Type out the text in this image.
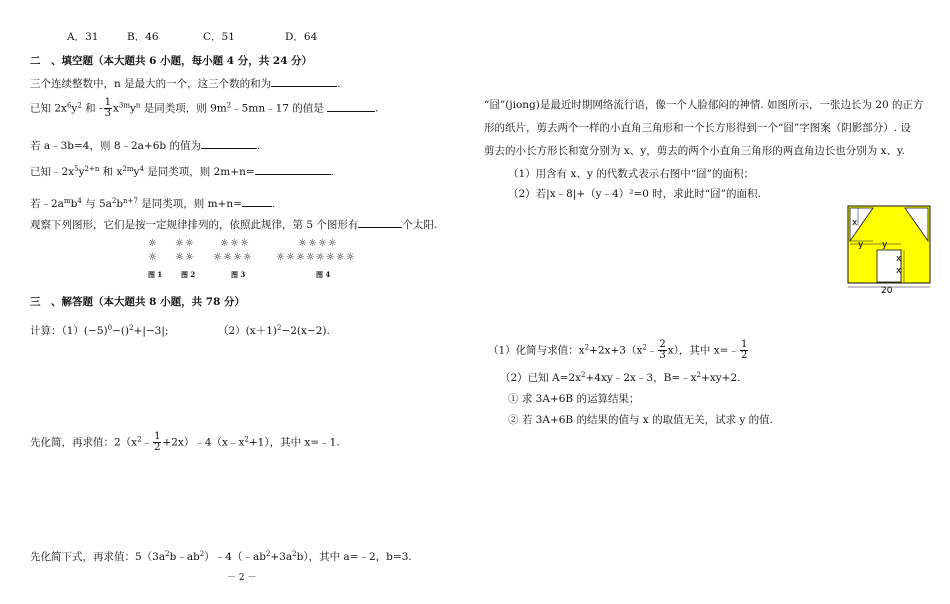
A．31	B．46	C．51	D．64
二　、填空题（本大题共 6 小题，每小题 4 分，共 24 分）
三个连续整数中，n 是最大的一个，这三个数的和为	.
已知 $2x^6y^2$ 和 - $\frac{1}{3} x^{3m}y^n$ 是同类项，则 $9m^2﹣5mn﹣17$ 的值是	.
若 a﹣3b=4，则 8﹣2a+6b 的值为	.
已知$﹣2x^5y^{2+n}$ 和 $x^{2m}y^4$ 是同类项，则 2m+n=	.
若$﹣2a^mb^4$ 与 $5a^2b^{n+7}$ 是同类项，则 m+n=	.
观察下列图形，它们是按一定规律排列的，依照此规律，第 5 个图形有	个太阳.
☼
☼
☼☼
☼☼
☼☼☼
☼☼☼☼
☼☼☼☼
☼☼☼☼☼☼☼☼
图 1	图 2	图 3	图 4
三　、解答题（本大题共 8 小题，共 78 分）
计算：$(1)(-5)^0-()^2+|-3|$;	$(2)(x+1)^2-2(x-2)$.
先化简，再求值：$2(x^2﹣ \frac{1}{2}$ $+2x)﹣4(x﹣x^2+1)$，其中 x=﹣1.
先化简下式，再求值：$5(3a^2b﹣ab^2)﹣4(﹣ab^2+3a^2b)$，其中 a=﹣2，b=3.
－ 2 －
“囧”(jiong)是最近时期网络流行语，像一个人脸郁闷的神情. 如图所示，一张边长为 20 的正方
形的纸片，剪去两个一样的小直角三角形和一个长方形得到一个“囧”字图案（阴影部分）. 设
剪去的小长方形长和宽分别为 x、y，剪去的两个小直角三角形的两直角边长也分别为 x、y.
（1）用含有 x、y 的代数式表示右图中“囧”的面积；
（2）若|x﹣8|+（y﹣4）²=0 时，求此时“囧”的面积.
x
y y
x
x
20
（1）化简与求值：$x^2+2x+3(x^2﹣ \frac{2}{3} x)$，其中 x=﹣ $\frac{1}{2}$
（2）已知 $A=2x^2+4xy﹣2x﹣3$，$B=﹣x^2+xy+2$.
① 求 3A+6B 的运算结果；
② 若 3A+6B 的结果的值与 x 的取值无关，试求 y 的值.
